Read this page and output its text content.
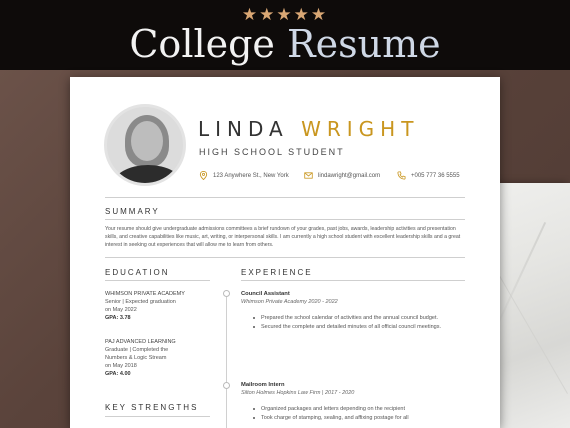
★★★★★
College Resume
LINDA WRIGHT
HIGH SCHOOL STUDENT
123 Anywhere St., New York	lindawright@gmail.com	+005 777 36 5555
SUMMARY
Your resume should give undergraduate admissions committees a brief rundown of your grades, past jobs, awards, leadership activities and presentation skills, and creative capabilities like music, art, writing, or interpersonal skills. I am currently a high school student with excellent leadership skills and a great interest in seeking out experiences that will allow me to learn from others.
EDUCATION
WHIMSON PRIVATE ACADEMY
Senior | Expected graduation
on May 2022
GPA: 3.78
PAJ ADVANCED LEARNING
Graduate | Completed the
Numbers & Logic Stream
on May 2018
GPA: 4.00
KEY STRENGTHS
EXPERIENCE
Council Assistant
Whimson Private Academy 2020 - 2022
Prepared the school calendar of activities and the annual council budget.
Secured the complete and detailed minutes of all official council meetings.
Mailroom Intern
Silton Holmes Hopkins Law Firm | 2017 - 2020
Organized packages and letters depending on the recipient
Took charge of stamping, sealing, and affixing postage for all
